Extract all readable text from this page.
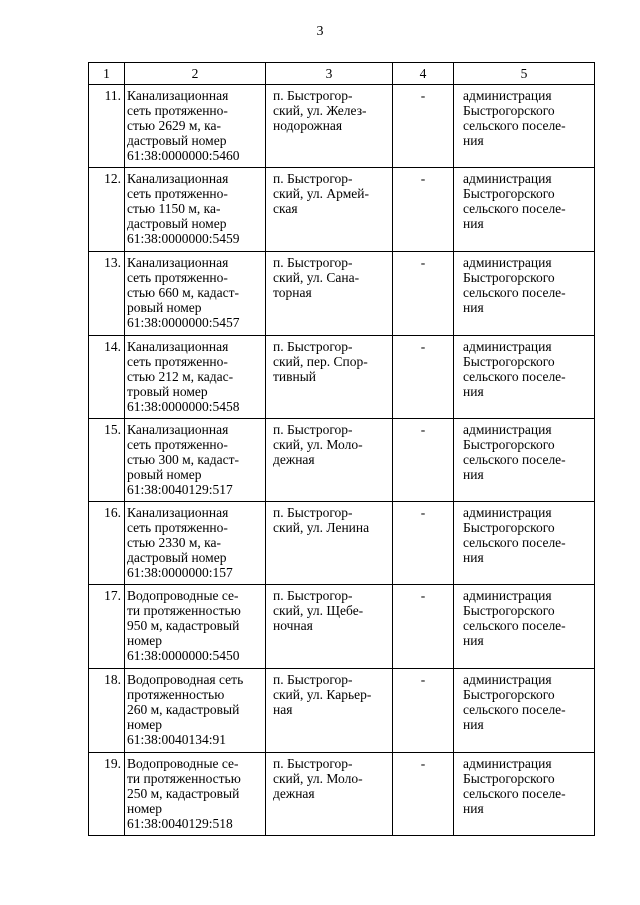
3
1	2	3	4	5
11.	Канализационная
сеть протяженно-
стью 2629 м, ка-
дастровый номер
61:38:0000000:5460	п. Быстрогор-
ский, ул. Желез-
нодорожная	-	администрация
Быстрогорского
сельского поселе-
ния

12.	Канализационная
сеть протяженно-
стью 1150 м, ка-
дастровый номер
61:38:0000000:5459	п. Быстрогор-
ский, ул. Армей-
ская	-	администрация
Быстрогорского
сельского поселе-
ния

13.	Канализационная
сеть протяженно-
стью 660 м, кадаст-
ровый номер
61:38:0000000:5457	п. Быстрогор-
ский, ул. Сана-
торная	-	администрация
Быстрогорского
сельского поселе-
ния

14.	Канализационная
сеть протяженно-
стью 212 м, кадас-
тровый номер
61:38:0000000:5458	п. Быстрогор-
ский, пер. Спор-
тивный	-	администрация
Быстрогорского
сельского поселе-
ния

15.	Канализационная
сеть протяженно-
стью 300 м, кадаст-
ровый номер
61:38:0040129:517	п. Быстрогор-
ский, ул. Моло-
дежная	-	администрация
Быстрогорского
сельского поселе-
ния

16.	Канализационная
сеть протяженно-
стью 2330 м, ка-
дастровый номер
61:38:0000000:157	п. Быстрогор-
ский, ул. Ленина	-	администрация
Быстрогорского
сельского поселе-
ния

17.	Водопроводные се-
ти протяженностью
950 м, кадастровый
номер
61:38:0000000:5450	п. Быстрогор-
ский, ул. Щебе-
ночная	-	администрация
Быстрогорского
сельского поселе-
ния

18.	Водопроводная сеть
протяженностью
260 м, кадастровый
номер
61:38:0040134:91	п. Быстрогор-
ский, ул. Карьер-
ная	-	администрация
Быстрогорского
сельского поселе-
ния

19.	Водопроводные се-
ти протяженностью
250 м, кадастровый
номер
61:38:0040129:518	п. Быстрогор-
ский, ул. Моло-
дежная	-	администрация
Быстрогорского
сельского поселе-
ния
